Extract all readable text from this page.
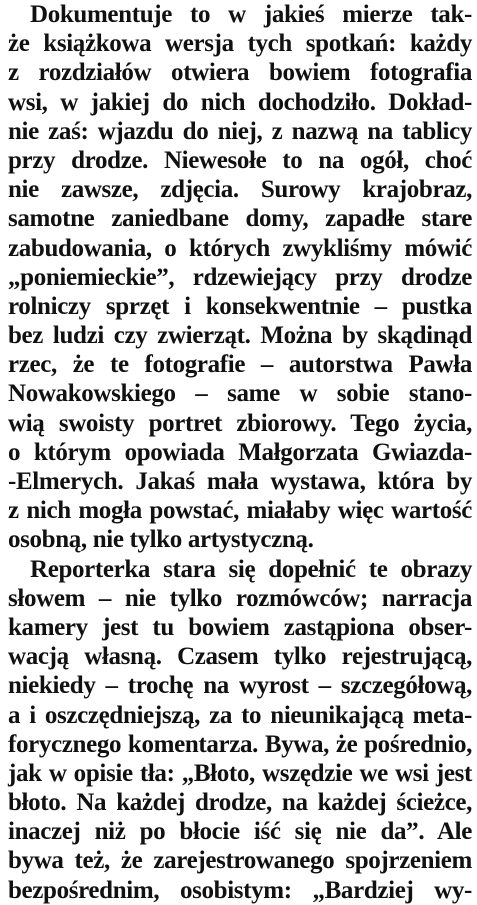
Dokumentuje to w jakieś mierze tak-
że książkowa wersja tych spotkań: każdy
z rozdziałów otwiera bowiem fotografia
wsi, w jakiej do nich dochodziło. Dokład-
nie zaś: wjazdu do niej, z nazwą na tablicy
przy drodze. Niewesołe to na ogół, choć
nie zawsze, zdjęcia. Surowy krajobraz,
samotne zaniedbane domy, zapadłe stare
zabudowania, o których zwykliśmy mówić
„poniemieckie”, rdzewiejący przy drodze
rolniczy sprzęt i konsekwentnie – pustka
bez ludzi czy zwierząt. Można by skądinąd
rzec, że te fotografie – autorstwa Pawła
Nowakowskiego – same w sobie stano-
wią swoisty portret zbiorowy. Tego życia,
o którym opowiada Małgorzata Gwiazda-
-Elmerych. Jakaś mała wystawa, która by
z nich mogła powstać, miałaby więc wartość
osobną, nie tylko artystyczną.
Reporterka stara się dopełnić te obrazy
słowem – nie tylko rozmówców; narracja
kamery jest tu bowiem zastąpiona obser-
wacją własną. Czasem tylko rejestrującą,
niekiedy – trochę na wyrost – szczegółową,
a i oszczędniejszą, za to nieunikającą meta-
forycznego komentarza. Bywa, że pośrednio,
jak w opisie tła: „Błoto, wszędzie we wsi jest
błoto. Na każdej drodze, na każdej ścieżce,
inaczej niż po błocie iść się nie da”. Ale
bywa też, że zarejestrowanego spojrzeniem
bezpośrednim, osobistym: „Bardziej wy-
